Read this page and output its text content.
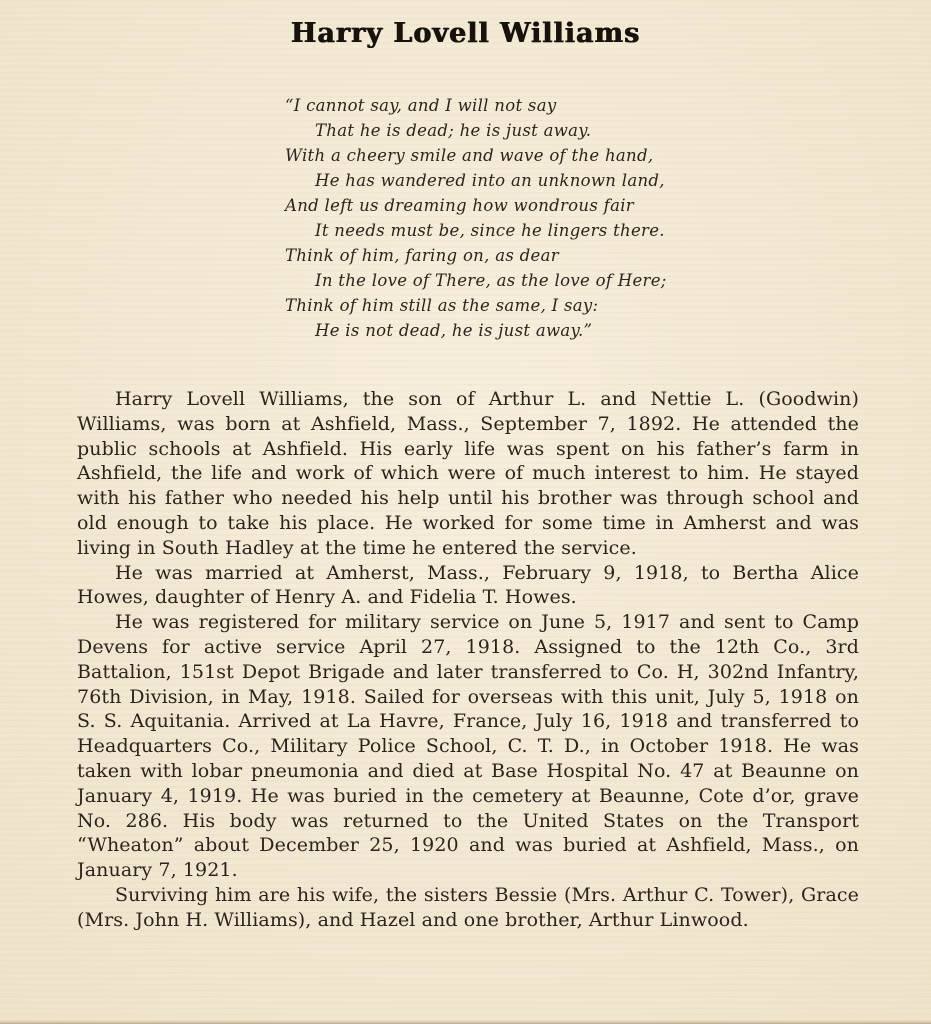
Harry Lovell Williams
“I cannot say, and I will not say
That he is dead; he is just away.
With a cheery smile and wave of the hand,
He has wandered into an unknown land,
And left us dreaming how wondrous fair
It needs must be, since he lingers there.
Think of him, faring on, as dear
In the love of There, as the love of Here;
Think of him still as the same, I say:
He is not dead, he is just away.”

Harry Lovell Williams, the son of Arthur L. and Nettie L. (Goodwin) Williams, was born at Ashfield, Mass., September 7, 1892. He attended the public schools at Ashfield. His early life was spent on his father’s farm in Ashfield, the life and work of which were of much interest to him. He stayed with his father who needed his help until his brother was through school and old enough to take his place. He worked for some time in Amherst and was living in South Hadley at the time he entered the service.

He was married at Amherst, Mass., February 9, 1918, to Bertha Alice Howes, daughter of Henry A. and Fidelia T. Howes.

He was registered for military service on June 5, 1917 and sent to Camp Devens for active service April 27, 1918. Assigned to the 12th Co., 3rd Battalion, 151st Depot Brigade and later transferred to Co. H, 302nd Infantry, 76th Division, in May, 1918. Sailed for overseas with this unit, July 5, 1918 on S. S. Aquitania. Arrived at La Havre, France, July 16, 1918 and transferred to Headquarters Co., Military Police School, C. T. D., in October 1918. He was taken with lobar pneumonia and died at Base Hospital No. 47 at Beaunne on January 4, 1919. He was buried in the cemetery at Beaunne, Cote d’or, grave No. 286. His body was returned to the United States on the Transport “Wheaton” about December 25, 1920 and was buried at Ashfield, Mass., on January 7, 1921.

Surviving him are his wife, the sisters Bessie (Mrs. Arthur C. Tower), Grace (Mrs. John H. Williams), and Hazel and one brother, Arthur Linwood.
